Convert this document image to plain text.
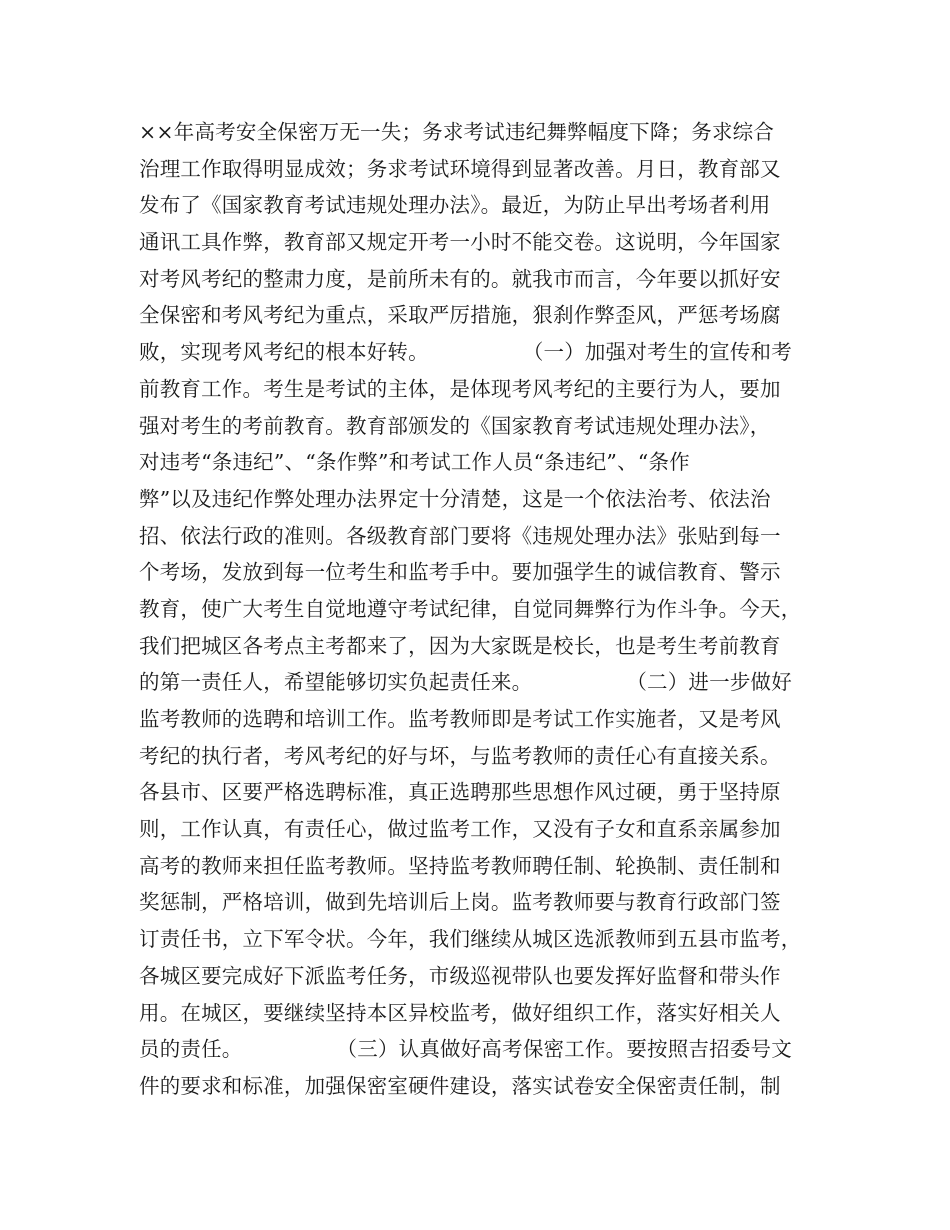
××年高考安全保密万无一失；务求考试违纪舞弊幅度下降；务求综合
治理工作取得明显成效；务求考试环境得到显著改善。月日，教育部又
发布了《国家教育考试违规处理办法》。最近，为防止早出考场者利用
通讯工具作弊，教育部又规定开考一小时不能交卷。这说明，今年国家
对考风考纪的整肃力度，是前所未有的。就我市而言，今年要以抓好安
全保密和考风考纪为重点，采取严厉措施，狠刹作弊歪风，严惩考场腐
败，实现考风考纪的根本好转。              （一）加强对考生的宣传和考
前教育工作。考生是考试的主体，是体现考风考纪的主要行为人，要加
强对考生的考前教育。教育部颁发的《国家教育考试违规处理办法》，
对违考“条违纪”、“条作弊”和考试工作人员“条违纪”、“条作
弊”以及违纪作弊处理办法界定十分清楚，这是一个依法治考、依法治
招、依法行政的准则。各级教育部门要将《违规处理办法》张贴到每一
个考场，发放到每一位考生和监考手中。要加强学生的诚信教育、警示
教育，使广大考生自觉地遵守考试纪律，自觉同舞弊行为作斗争。今天，
我们把城区各考点主考都来了，因为大家既是校长，也是考生考前教育
的第一责任人，希望能够切实负起责任来。              （二）进一步做好
监考教师的选聘和培训工作。监考教师即是考试工作实施者，又是考风
考纪的执行者，考风考纪的好与坏，与监考教师的责任心有直接关系。
各县市、区要严格选聘标准，真正选聘那些思想作风过硬，勇于坚持原
则，工作认真，有责任心，做过监考工作，又没有子女和直系亲属参加
高考的教师来担任监考教师。坚持监考教师聘任制、轮换制、责任制和
奖惩制，严格培训，做到先培训后上岗。监考教师要与教育行政部门签
订责任书，立下军令状。今年，我们继续从城区选派教师到五县市监考，
各城区要完成好下派监考任务，市级巡视带队也要发挥好监督和带头作
用。在城区，要继续坚持本区异校监考，做好组织工作，落实好相关人
员的责任。              （三）认真做好高考保密工作。要按照吉招委号文
件的要求和标准，加强保密室硬件建设，落实试卷安全保密责任制，制
